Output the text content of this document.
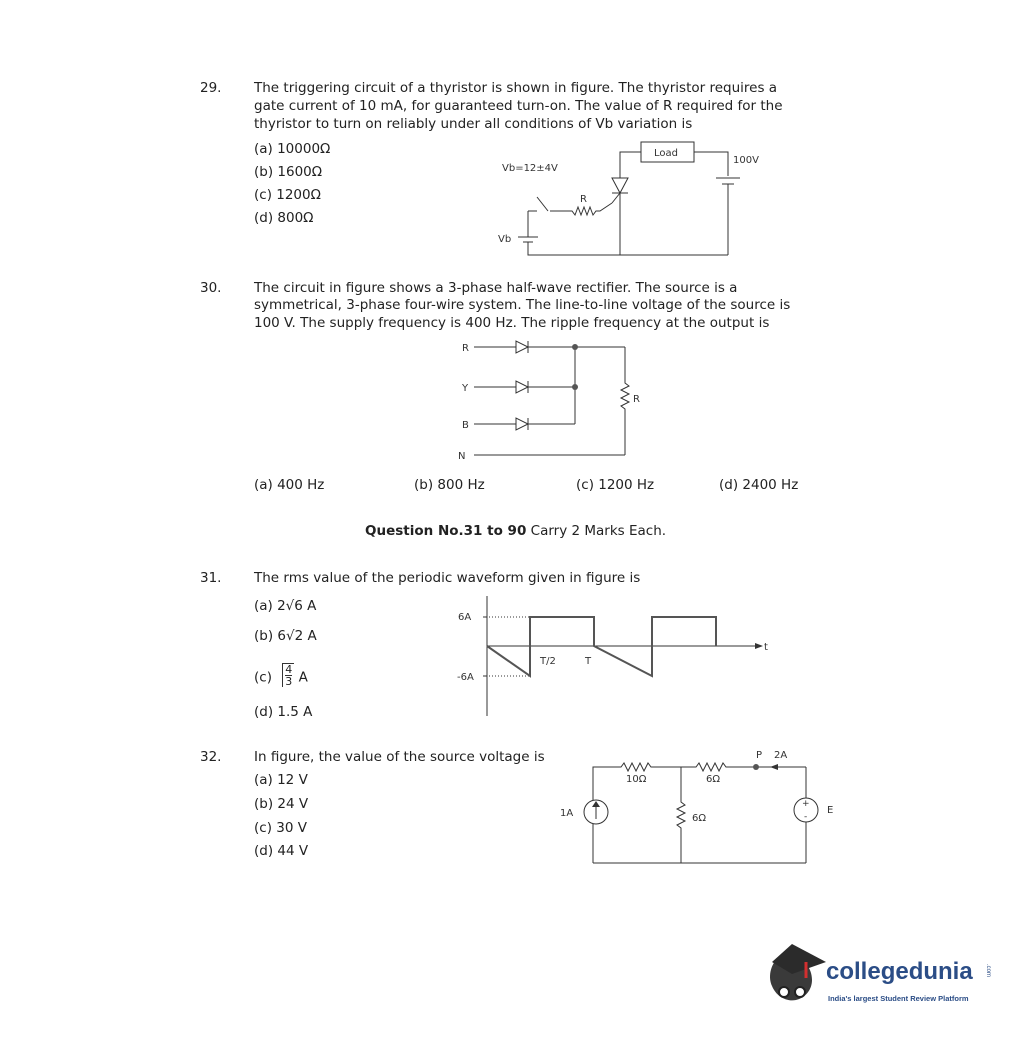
29. The triggering circuit of a thyristor is shown in figure. The thyristor requires a
gate current of 10 mA, for guaranteed turn-on. The value of R required for the
thyristor to turn on reliably under all conditions of Vb variation is
(a) 10000Ω
(b) 1600Ω
(c) 1200Ω
(d) 800Ω
Load
100V
Vb=12±4V
R
Vb
30. The circuit in figure shows a 3-phase half-wave rectifier. The source is a
symmetrical, 3-phase four-wire system. The line-to-line voltage of the source is
100 V. The supply frequency is 400 Hz. The ripple frequency at the output is
R
Y
B
N
R
(a) 400 Hz	(b) 800 Hz	(c) 1200 Hz	(d) 2400 Hz
Question No.31 to 90 Carry 2 Marks Each.
31. The rms value of the periodic waveform given in figure is
(a) 2√6 A
(b) 6√2 A
$(c) \frac{4}{3}$ A
(d) 1.5 A
6A
-6A
T/2	T
t
32. In figure, the value of the source voltage is
(a) 12 V
(b) 24 V
(c) 30 V
(d) 44 V
10Ω	6Ω
6Ω
1A
P 2A
E
+
-
collegedunia .com
India's largest Student Review Platform
